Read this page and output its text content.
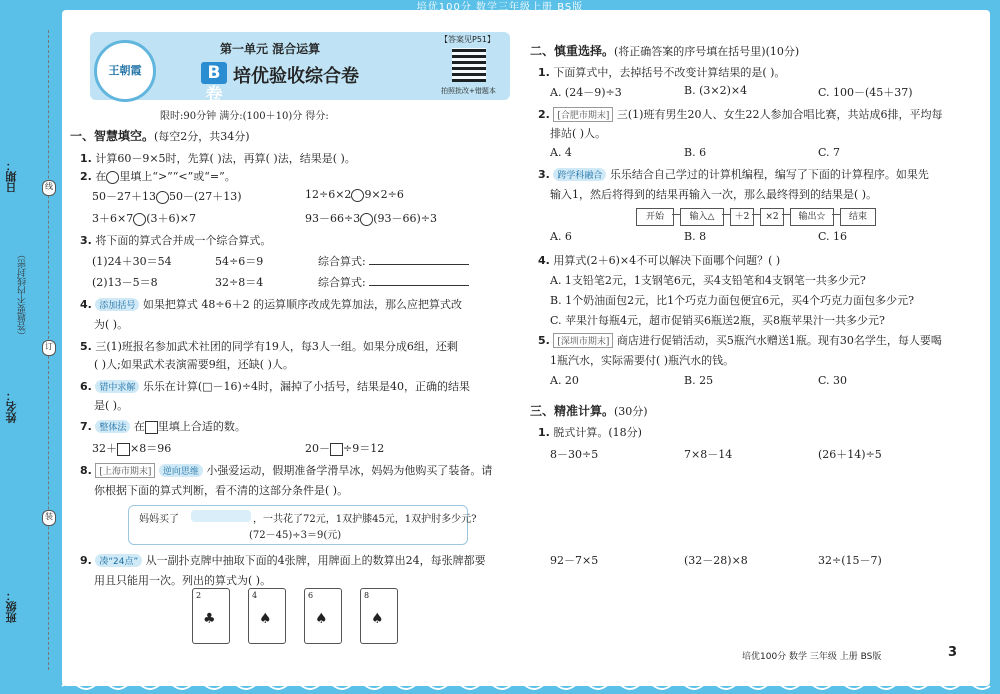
培优100分 数学三年级上册 BS版
班级：
姓名：
日期：
（答题要不内线封密）
线
订
装
王朝霞
第一单元 混合运算
B卷
培优验收综合卷
【答案见P51】
拍照批改+错题本
限时:90分钟 满分:(100＋10)分 得分:
一、智慧填空。(每空2分，共34分)
1. 计算60－9×5时，先算( )法，再算( )法，结果是( )。
2. 在 里填上“>”“<”或“=”。
50－27＋13 50－(27＋13)	12÷6×2 9×2÷6
3＋6×7 (3＋6)×7	93－66÷3 (93－66)÷3
3. 将下面的算式合并成一个综合算式。
(1)24＋30＝54	54÷6＝9	综合算式:
(2)13－5＝8	32÷8＝4	综合算式:
4. 添加括号 如果把算式 48÷6＋2 的运算顺序改成先算加法，那么应把算式改
为( )。
5. 三(1)班报名参加武术社团的同学有19人，每3人一组。如果分成6组，还剩
( )人;如果武术表演需要9组，还缺( )人。
6. 错中求解 乐乐在计算(□－16)÷4时，漏掉了小括号，结果是40，正确的结果
是( )。
7. 整体法 在 里填上合适的数。
32＋ ×8＝96	20－ ÷9＝12
8. [上海市期末] 逆向思维 小强爱运动，假期准备学滑旱冰，妈妈为他购买了装备。请
你根据下面的算式判断，看不清的这部分条件是( )。
妈妈买了	，一共花了72元，1双护膝45元，1双护肘多少元?
(72－45)÷3＝9(元)
9. 凑“24点” 从一副扑克牌中抽取下面的4张牌，用牌面上的数算出24，每张牌都要
用且只能用一次。列出的算式为( )。
2
♣
4
♠
6
♠
8
♠
二、慎重选择。(将正确答案的序号填在括号里)(10分)
1. 下面算式中，去掉括号不改变计算结果的是( )。
A. (24－9)÷3	B. (3×2)×4	C. 100－(45＋37)
2. [合肥市期末] 三(1)班有男生20人、女生22人参加合唱比赛，共站成6排，平均每
排站( )人。
A. 4	B. 6	C. 7
3. 跨学科融合 乐乐结合自己学过的计算机编程，编写了下面的计算程序。如果先
输入1，然后将得到的结果再输入一次，那么最终得到的结果是( )。
开始	输入△	＋2	×2	输出☆	结束
A. 6	B. 8	C. 16
4. 用算式(2＋6)×4不可以解决下面哪个问题？( )
A. 1支铅笔2元，1支钢笔6元，买4支铅笔和4支钢笔一共多少元?
B. 1个奶油面包2元，比1个巧克力面包便宜6元，买4个巧克力面包多少元?
C. 苹果汁每瓶4元，超市促销买6瓶送2瓶，买8瓶苹果汁一共多少元?
5. [深圳市期末] 商店进行促销活动，买5瓶汽水赠送1瓶。现有30名学生，每人要喝
1瓶汽水，实际需要付( )瓶汽水的钱。
A. 20	B. 25	C. 30
三、精准计算。(30分)
1. 脱式计算。(18分)
8－30÷5	7×8－14	(26＋14)÷5
92－7×5	(32－28)×8	32÷(15－7)
培优100分 数学 三年级 上册 BS版	3
